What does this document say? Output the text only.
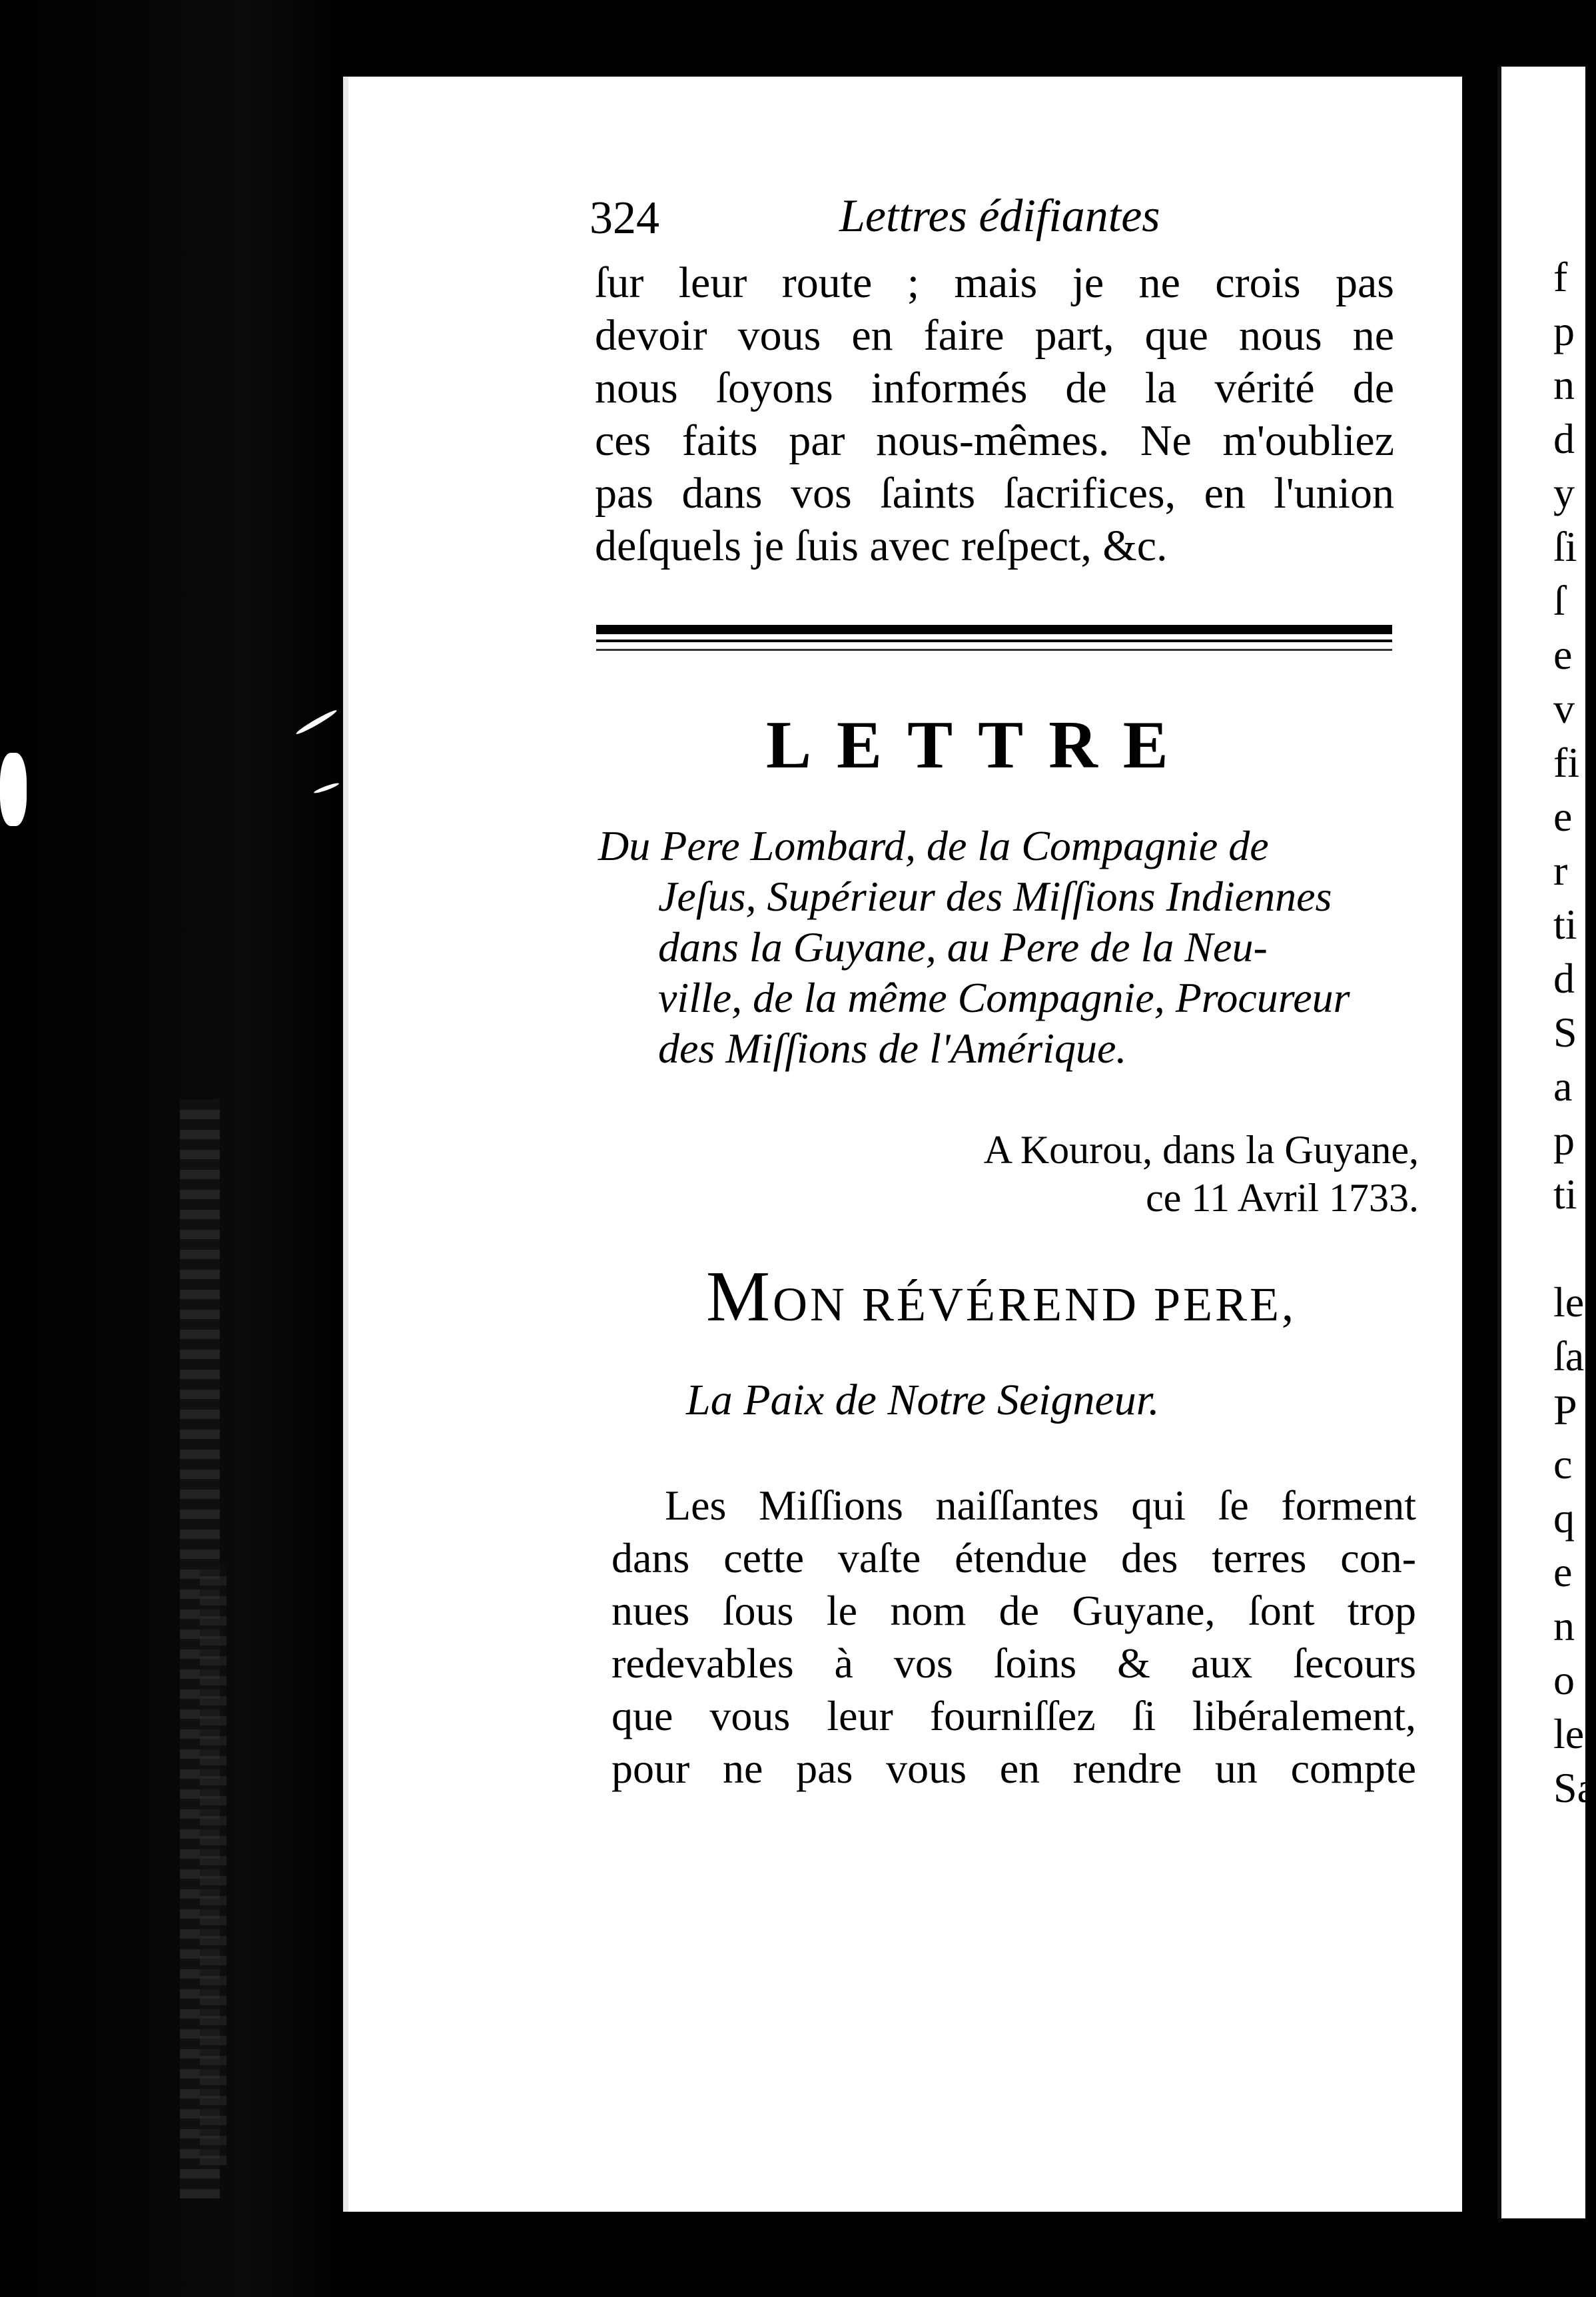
f
p
n
d
y
ſi
ſ
e
v
fi
e
r
ti
d
S
a
p
ti

le
ſa
P
c
q
e
n
o
le
Sa
324	Lettres édifiantes
ſur leur route ; mais je ne crois pas
devoir vous en faire part, que nous ne
nous ſoyons informés de la vérité de
ces faits par nous-mêmes. Ne m'oubliez
pas dans vos ſaints ſacrifices, en l'union
deſquels je ſuis avec reſpect, &c.
LETTRE
Du Pere Lombard, de la Compagnie de
Jeſus, Supérieur des Miſſions Indiennes
dans la Guyane, au Pere de la Neu-
ville, de la même Compagnie, Procureur
des Miſſions de l'Amérique.
A Kourou, dans la Guyane,
ce 11 Avril 1733.
MON RÉVÉREND PERE,
La Paix de Notre Seigneur.
Les Miſſions naiſſantes qui ſe forment
dans cette vaſte étendue des terres con-
nues ſous le nom de Guyane, ſont trop
redevables à vos ſoins & aux ſecours
que vous leur fourniſſez ſi libéralement,
pour ne pas vous en rendre un compte
